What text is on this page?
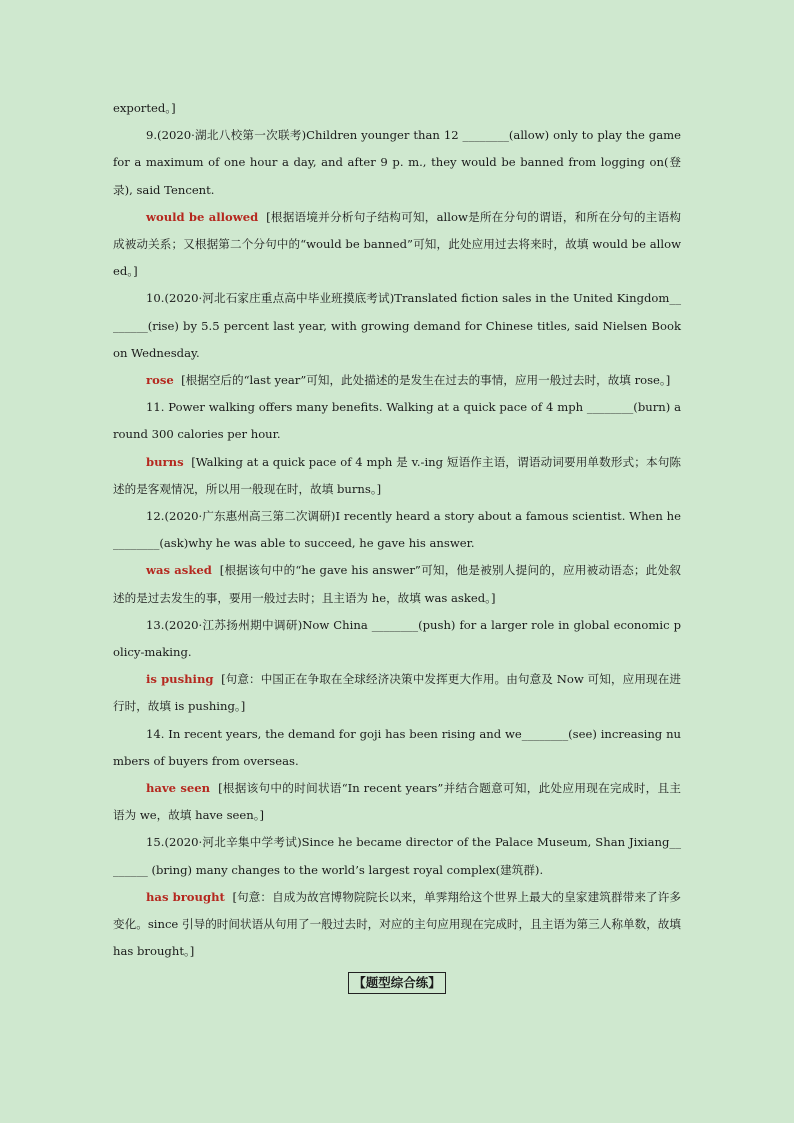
exported。]

9.(2020·湖北八校第一次联考)Children younger than 12 ________(allow) only to play the game for a maximum of one hour a day, and after 9 p. m., they would be banned from logging on(登录), said Tencent.

would be allowed [根据语境并分析句子结构可知，allow是所在分句的谓语，和所在分句的主语构成被动关系；又根据第二个分句中的“would be banned”可知，此处应用过去将来时，故填 would be allowed。]

10.(2020·河北石家庄重点高中毕业班摸底考试)Translated fiction sales in the United Kingdom________(rise) by 5.5 percent last year, with growing demand for Chinese titles, said Nielsen Book on Wednesday.

rose [根据空后的“last year”可知，此处描述的是发生在过去的事情，应用一般过去时，故填 rose。]

11. Power walking offers many benefits. Walking at a quick pace of 4 mph ________(burn) around 300 calories per hour.

burns [Walking at a quick pace of 4 mph 是 v.-ing 短语作主语，谓语动词要用单数形式；本句陈述的是客观情况，所以用一般现在时，故填 burns。]

12.(2020·广东惠州高三第二次调研)I recently heard a story about a famous scientist. When he ________(ask)why he was able to succeed, he gave his answer.

was asked [根据该句中的“he gave his answer”可知，他是被别人提问的，应用被动语态；此处叙述的是过去发生的事，要用一般过去时；且主语为 he，故填 was asked。]

13.(2020·江苏扬州期中调研)Now China ________(push) for a larger role in global economic policy-making.

is pushing [句意：中国正在争取在全球经济决策中发挥更大作用。由句意及 Now 可知，应用现在进行时，故填 is pushing。]

14. In recent years, the demand for goji has been rising and we________(see) increasing numbers of buyers from overseas.

have seen [根据该句中的时间状语“In recent years”并结合题意可知，此处应用现在完成时，且主语为 we，故填 have seen。]

15.(2020·河北辛集中学考试)Since he became director of the Palace Museum, Shan Jixiang________ (bring) many changes to the world’s largest royal complex(建筑群).

has brought [句意：自成为故宫博物院院长以来，单霁翔给这个世界上最大的皇家建筑群带来了许多变化。since 引导的时间状语从句用了一般过去时，对应的主句应用现在完成时，且主语为第三人称单数，故填 has brought。]

【题型综合练】
